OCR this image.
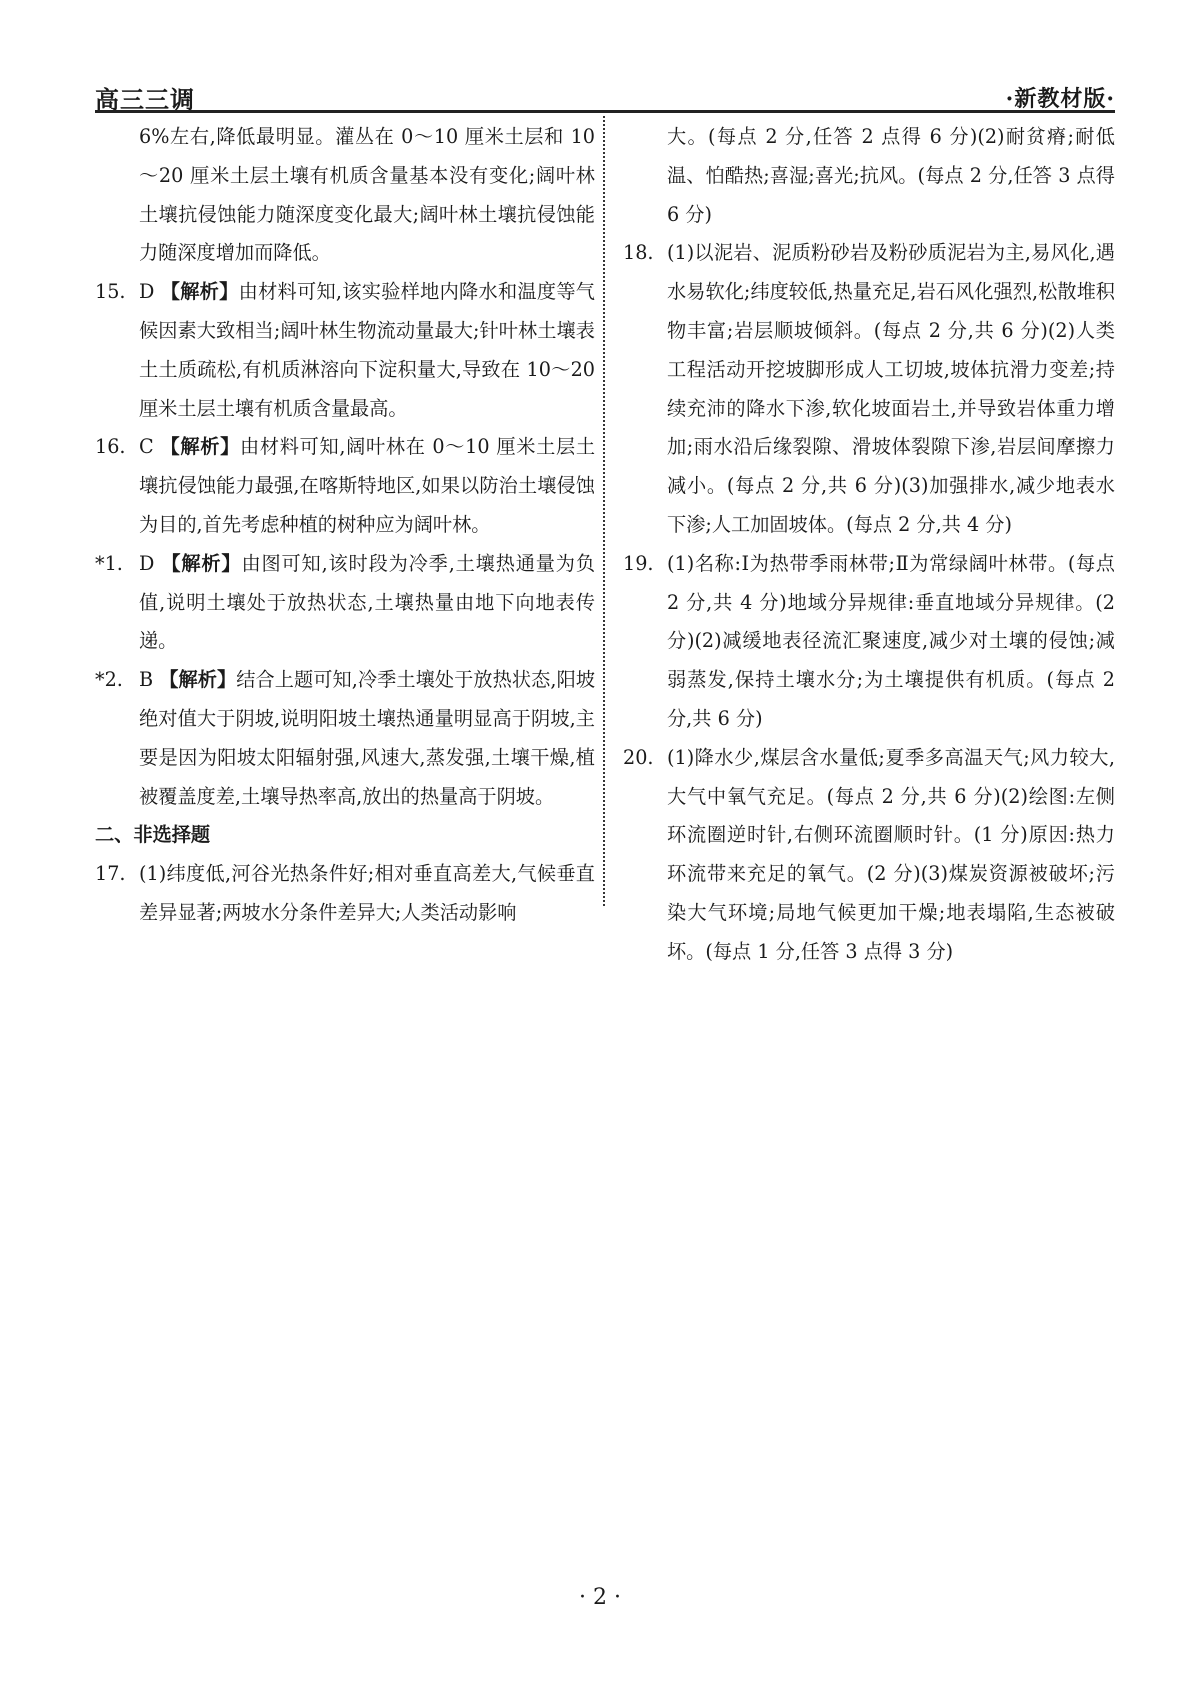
高三三调	·新教材版·
6%左右,降低最明显。灌丛在 0～10 厘米土层和 10～20 厘米土层土壤有机质含量基本没有变化;阔叶林土壤抗侵蚀能力随深度变化最大;阔叶林土壤抗侵蚀能力随深度增加而降低。
15. D 【解析】由材料可知,该实验样地内降水和温度等气候因素大致相当;阔叶林生物流动量最大;针叶林土壤表土土质疏松,有机质淋溶向下淀积量大,导致在 10～20 厘米土层土壤有机质含量最高。
16. C 【解析】由材料可知,阔叶林在 0～10 厘米土层土壤抗侵蚀能力最强,在喀斯特地区,如果以防治土壤侵蚀为目的,首先考虑种植的树种应为阔叶林。
*1. D 【解析】由图可知,该时段为冷季,土壤热通量为负值,说明土壤处于放热状态,土壤热量由地下向地表传递。
*2. B 【解析】结合上题可知,冷季土壤处于放热状态,阳坡绝对值大于阴坡,说明阳坡土壤热通量明显高于阴坡,主要是因为阳坡太阳辐射强,风速大,蒸发强,土壤干燥,植被覆盖度差,土壤导热率高,放出的热量高于阴坡。
二、非选择题
17. (1)纬度低,河谷光热条件好;相对垂直高差大,气候垂直差异显著;两坡水分条件差异大;人类活动影响
大。(每点 2 分,任答 2 点得 6 分)(2)耐贫瘠;耐低温、怕酷热;喜湿;喜光;抗风。(每点 2 分,任答 3 点得 6 分)
18. (1)以泥岩、泥质粉砂岩及粉砂质泥岩为主,易风化,遇水易软化;纬度较低,热量充足,岩石风化强烈,松散堆积物丰富;岩层顺坡倾斜。(每点 2 分,共 6 分)(2)人类工程活动开挖坡脚形成人工切坡,坡体抗滑力变差;持续充沛的降水下渗,软化坡面岩土,并导致岩体重力增加;雨水沿后缘裂隙、滑坡体裂隙下渗,岩层间摩擦力减小。(每点 2 分,共 6 分)(3)加强排水,减少地表水下渗;人工加固坡体。(每点 2 分,共 4 分)
19. (1)名称:Ⅰ为热带季雨林带;Ⅱ为常绿阔叶林带。(每点 2 分,共 4 分)地域分异规律:垂直地域分异规律。(2 分)(2)减缓地表径流汇聚速度,减少对土壤的侵蚀;减弱蒸发,保持土壤水分;为土壤提供有机质。(每点 2 分,共 6 分)
20. (1)降水少,煤层含水量低;夏季多高温天气;风力较大,大气中氧气充足。(每点 2 分,共 6 分)(2)绘图:左侧环流圈逆时针,右侧环流圈顺时针。(1 分)原因:热力环流带来充足的氧气。(2 分)(3)煤炭资源被破坏;污染大气环境;局地气候更加干燥;地表塌陷,生态被破坏。(每点 1 分,任答 3 点得 3 分)
· 2 ·
